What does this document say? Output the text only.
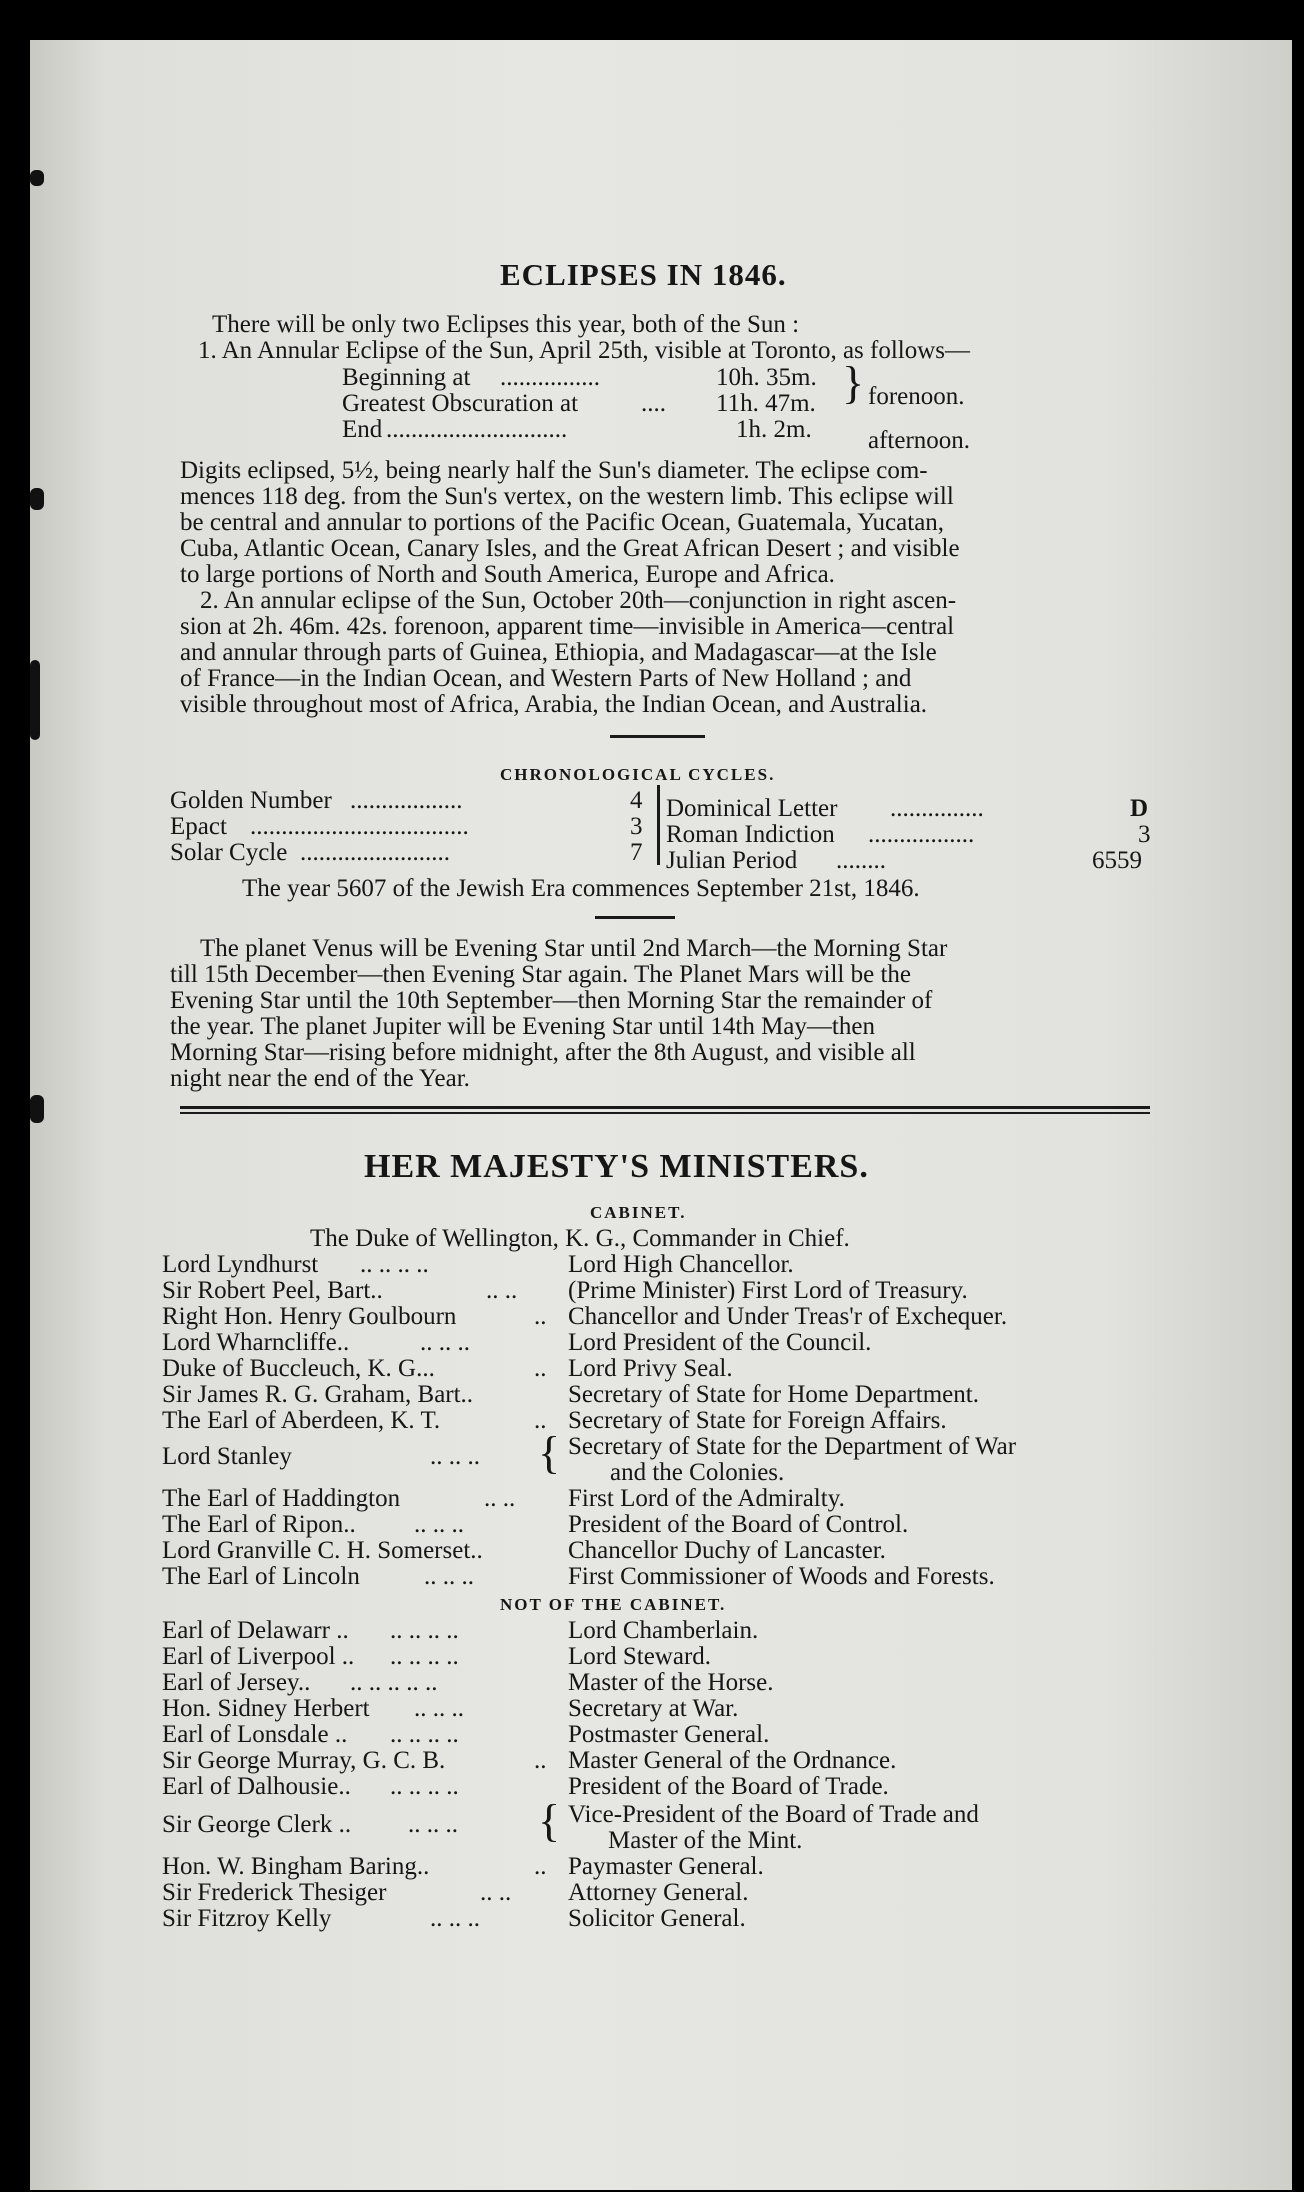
ECLIPSES IN 1846.
There will be only two Eclipses this year, both of the Sun :
1. An Annular Eclipse of the Sun, April 25th, visible at Toronto, as follows—
Beginning at ................	10h. 35m.
Greatest Obscuration at	.... 11h. 47m.
End .............................	1h. 2m.
} forenoon.
afternoon.
Digits eclipsed, 5½, being nearly half the Sun's diameter. The eclipse com-
mences 118 deg. from the Sun's vertex, on the western limb. This eclipse will
be central and annular to portions of the Pacific Ocean, Guatemala, Yucatan,
Cuba, Atlantic Ocean, Canary Isles, and the Great African Desert ; and visible
to large portions of North and South America, Europe and Africa.
2. An annular eclipse of the Sun, October 20th—conjunction in right ascen-
sion at 2h. 46m. 42s. forenoon, apparent time—invisible in America—central
and annular through parts of Guinea, Ethiopia, and Madagascar—at the Isle
of France—in the Indian Ocean, and Western Parts of New Holland ; and
visible throughout most of Africa, Arabia, the Indian Ocean, and Australia.
CHRONOLOGICAL CYCLES.
Golden Number ..................	4
Epact ...................................	3
Solar Cycle ........................	7
Dominical Letter ...............	D
Roman Indiction .................	3
Julian Period ........	6559
The year 5607 of the Jewish Era commences September 21st, 1846.
The planet Venus will be Evening Star until 2nd March—the Morning Star
till 15th December—then Evening Star again. The Planet Mars will be the
Evening Star until the 10th September—then Morning Star the remainder of
the year. The planet Jupiter will be Evening Star until 14th May—then
Morning Star—rising before midnight, after the 8th August, and visible all
night near the end of the Year.
HER MAJESTY'S MINISTERS.
CABINET.
The Duke of Wellington, K. G., Commander in Chief.
Lord Lyndhurst .. .. .. ..	Lord High Chancellor.
Sir Robert Peel, Bart..	.. .. (Prime Minister) First Lord of Treasury.
Right Hon. Henry Goulbourn	.. Chancellor and Under Treas'r of Exchequer.
Lord Wharncliffe..	.. .. ..	Lord President of the Council.
Duke of Buccleuch, K. G...	.. Lord Privy Seal.
Sir James R. G. Graham, Bart..	Secretary of State for Home Department.
The Earl of Aberdeen, K. T.	.. Secretary of State for Foreign Affairs.
Lord Stanley	.. .. .. { Secretary of State for the Department of War
and the Colonies.
The Earl of Haddington	.. .. First Lord of the Admiralty.
The Earl of Ripon.. .. .. ..	President of the Board of Control.
Lord Granville C. H. Somerset..	Chancellor Duchy of Lancaster.
The Earl of Lincoln	.. .. ..	First Commissioner of Woods and Forests.
NOT OF THE CABINET.
Earl of Delawarr .. .. .. .. ..	Lord Chamberlain.
Earl of Liverpool .. .. .. .. ..	Lord Steward.
Earl of Jersey.. .. .. .. .. ..	Master of the Horse.
Hon. Sidney Herbert .. .. ..	Secretary at War.
Earl of Lonsdale .. .. .. .. ..	Postmaster General.
Sir George Murray, G. C. B.	.. Master General of the Ordnance.
Earl of Dalhousie.. .. .. .. ..	President of the Board of Trade.
Sir George Clerk .. .. .. .. { Vice-President of the Board of Trade and
Master of the Mint.
Hon. W. Bingham Baring..	.. Paymaster General.
Sir Frederick Thesiger	.. .. Attorney General.
Sir Fitzroy Kelly	.. .. ..	Solicitor General.
